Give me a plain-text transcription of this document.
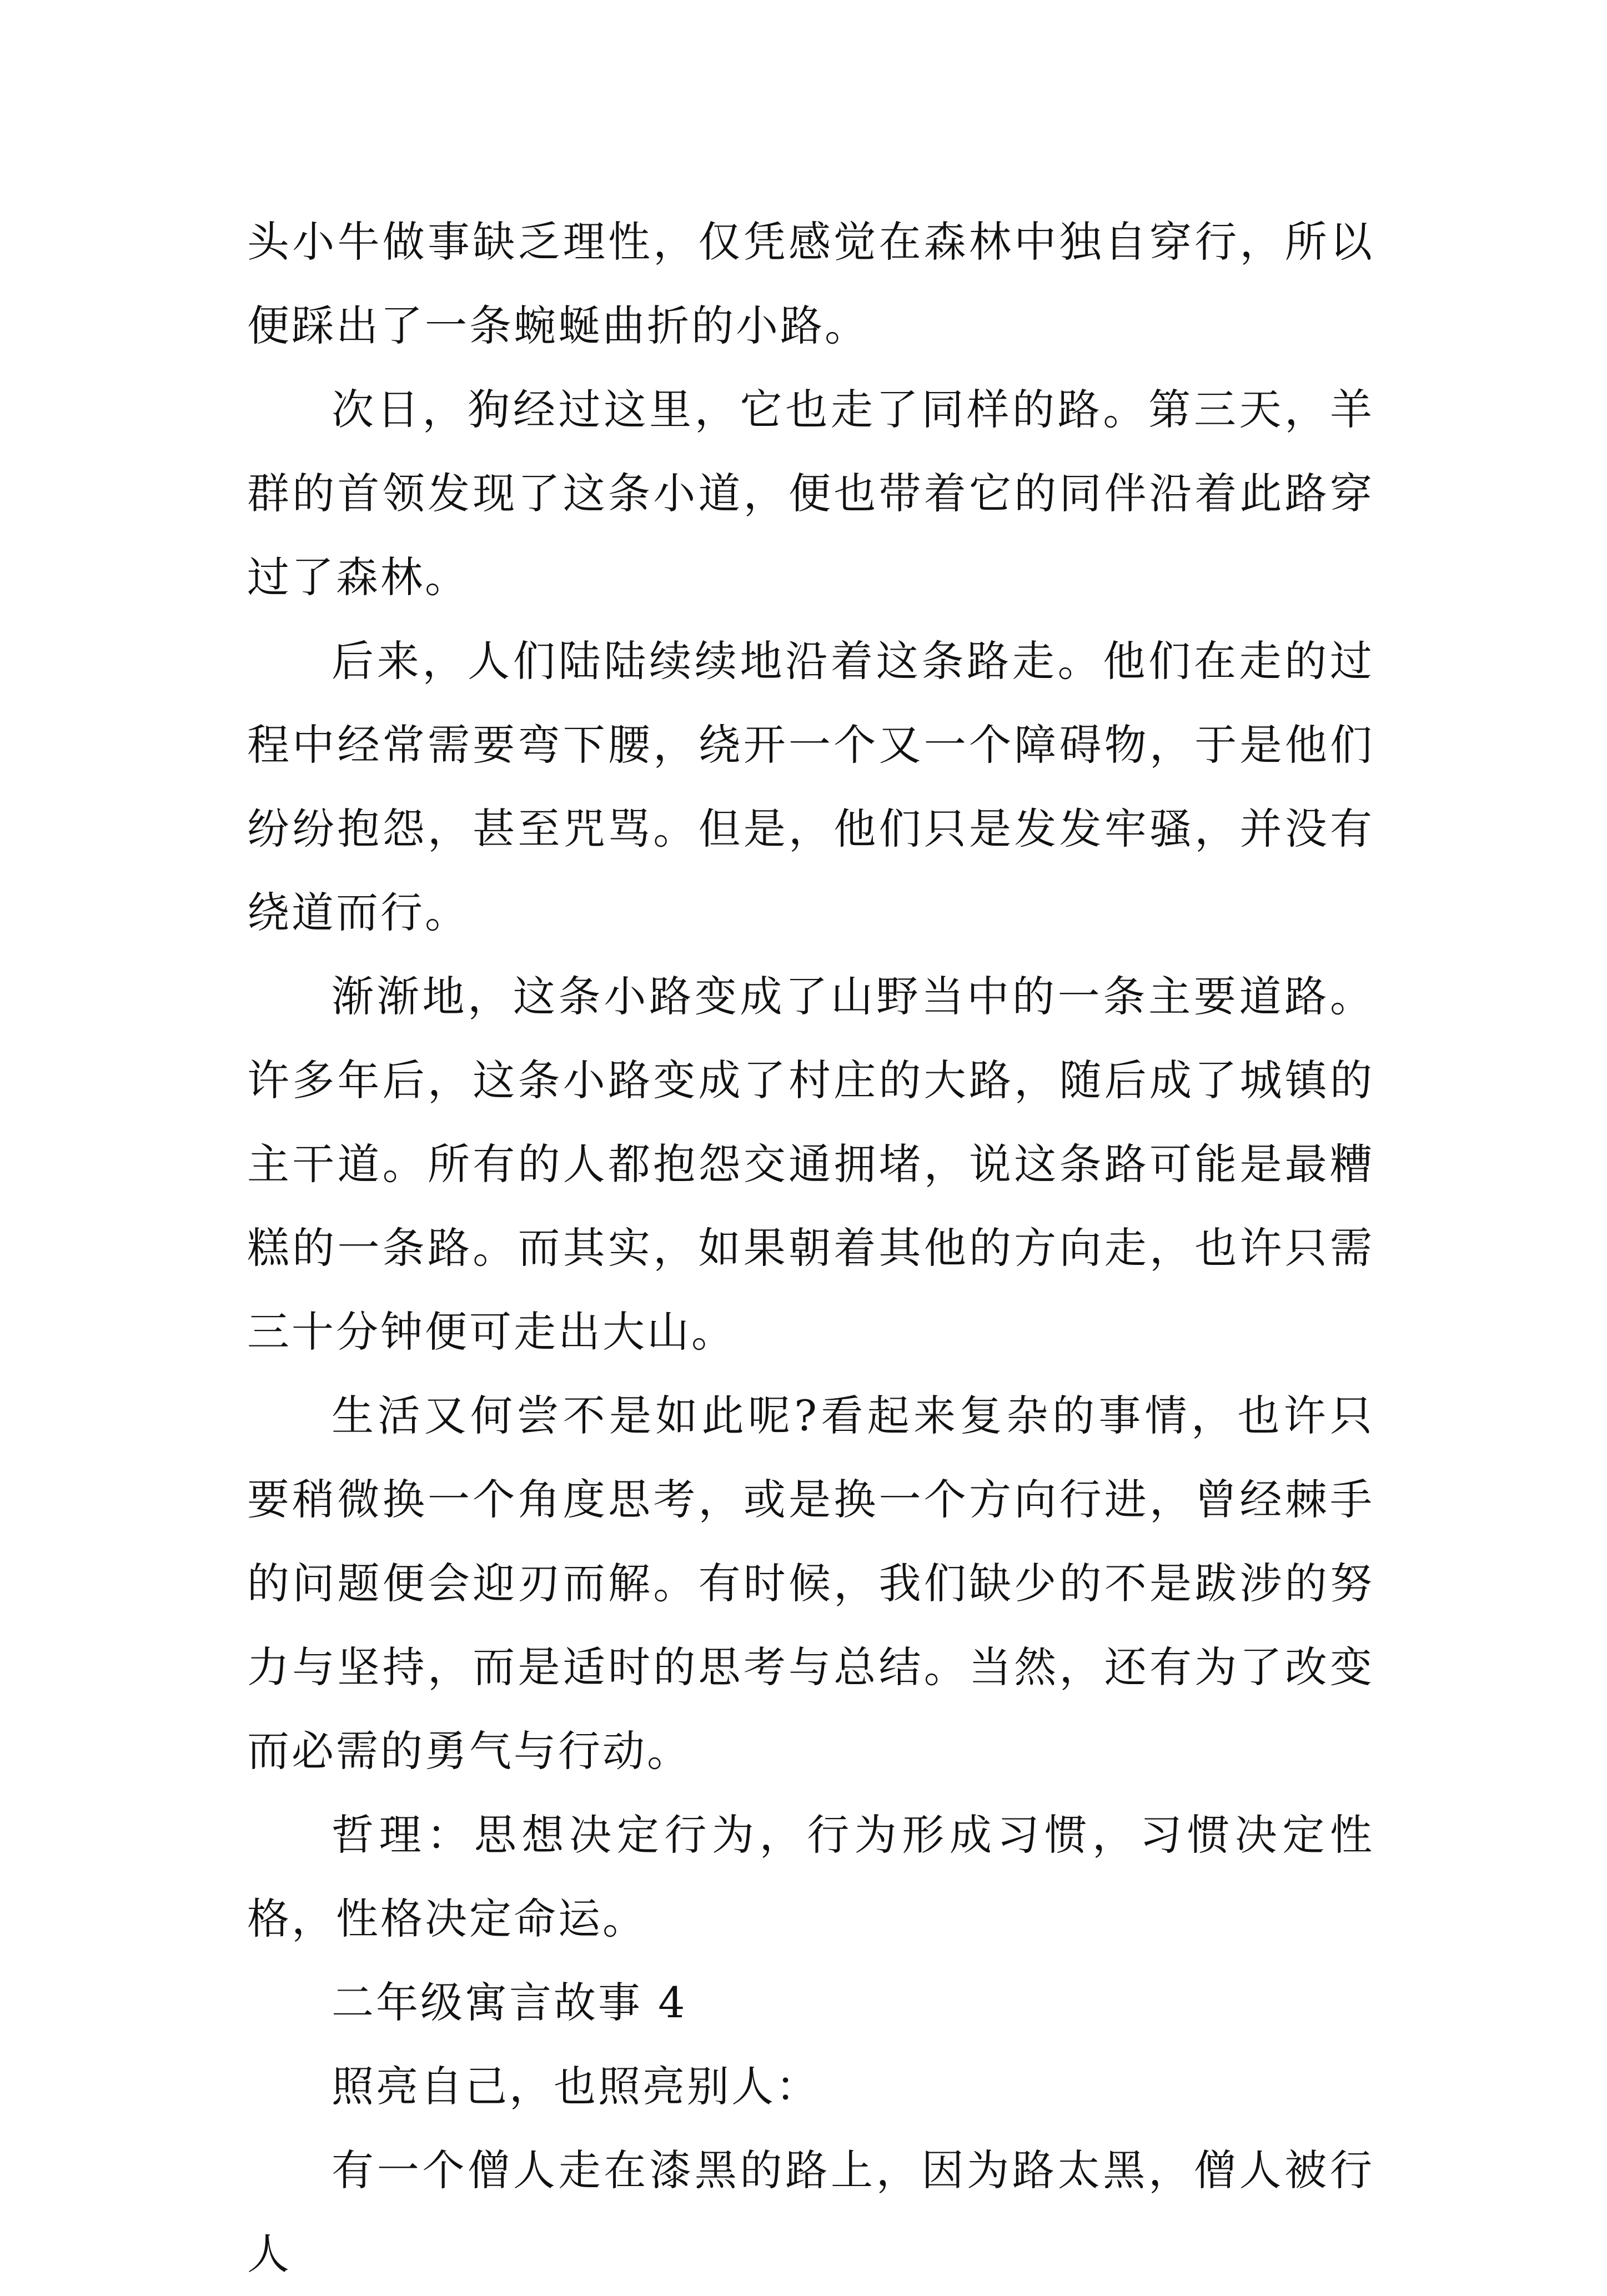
头小牛做事缺乏理性，仅凭感觉在森林中独自穿行，所以便踩出了一条蜿蜒曲折的小路。

次日，狗经过这里，它也走了同样的路。第三天，羊群的首领发现了这条小道，便也带着它的同伴沿着此路穿过了森林。

后来，人们陆陆续续地沿着这条路走。他们在走的过程中经常需要弯下腰，绕开一个又一个障碍物，于是他们纷纷抱怨，甚至咒骂。但是，他们只是发发牢骚，并没有绕道而行。

渐渐地，这条小路变成了山野当中的一条主要道路。许多年后，这条小路变成了村庄的大路，随后成了城镇的主干道。所有的人都抱怨交通拥堵，说这条路可能是最糟糕的一条路。而其实，如果朝着其他的方向走，也许只需三十分钟便可走出大山。

生活又何尝不是如此呢?看起来复杂的事情，也许只要稍微换一个角度思考，或是换一个方向行进，曾经棘手的问题便会迎刃而解。有时候，我们缺少的不是跋涉的努力与坚持，而是适时的思考与总结。当然，还有为了改变而必需的勇气与行动。

哲理：思想决定行为，行为形成习惯，习惯决定性格，性格决定命运。

二年级寓言故事 4

照亮自己，也照亮别人：

有一个僧人走在漆黑的路上，因为路太黑，僧人被行人
